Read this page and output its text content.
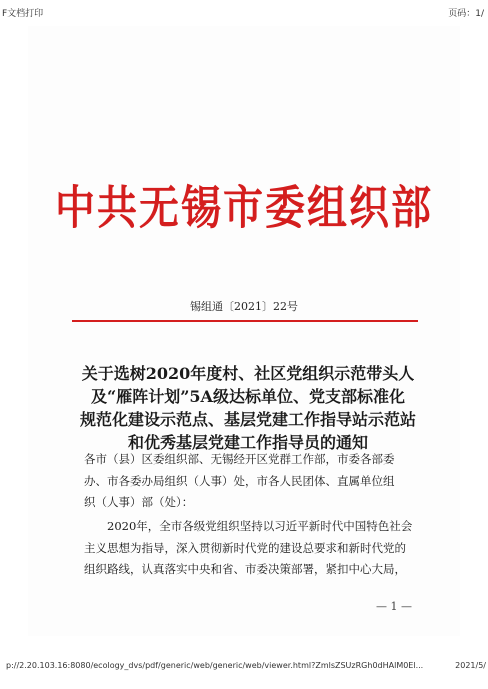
F文档打印	页码：1/
中共无锡市委组织部
锡组通〔2021〕22号
关于选树2020年度村、社区党组织示范带头人
及“雁阵计划”5A级达标单位、党支部标准化
规范化建设示范点、基层党建工作指导站示范站
和优秀基层党建工作指导员的通知
各市（县）区委组织部、无锡经开区党群工作部，市委各部委
办、市各委办局组织（人事）处，市各人民团体、直属单位组
织（人事）部（处）：
2020年，全市各级党组织坚持以习近平新时代中国特色社会
主义思想为指导，深入贯彻新时代党的建设总要求和新时代党的
组织路线，认真落实中央和省、市委决策部署，紧扣中心大局，
— 1 —
p://2.20.103.16:8080/ecology_dvs/pdf/generic/web/generic/web/viewer.html?ZmlsZSUzRGh0dHAlM0El...	2021/5/
